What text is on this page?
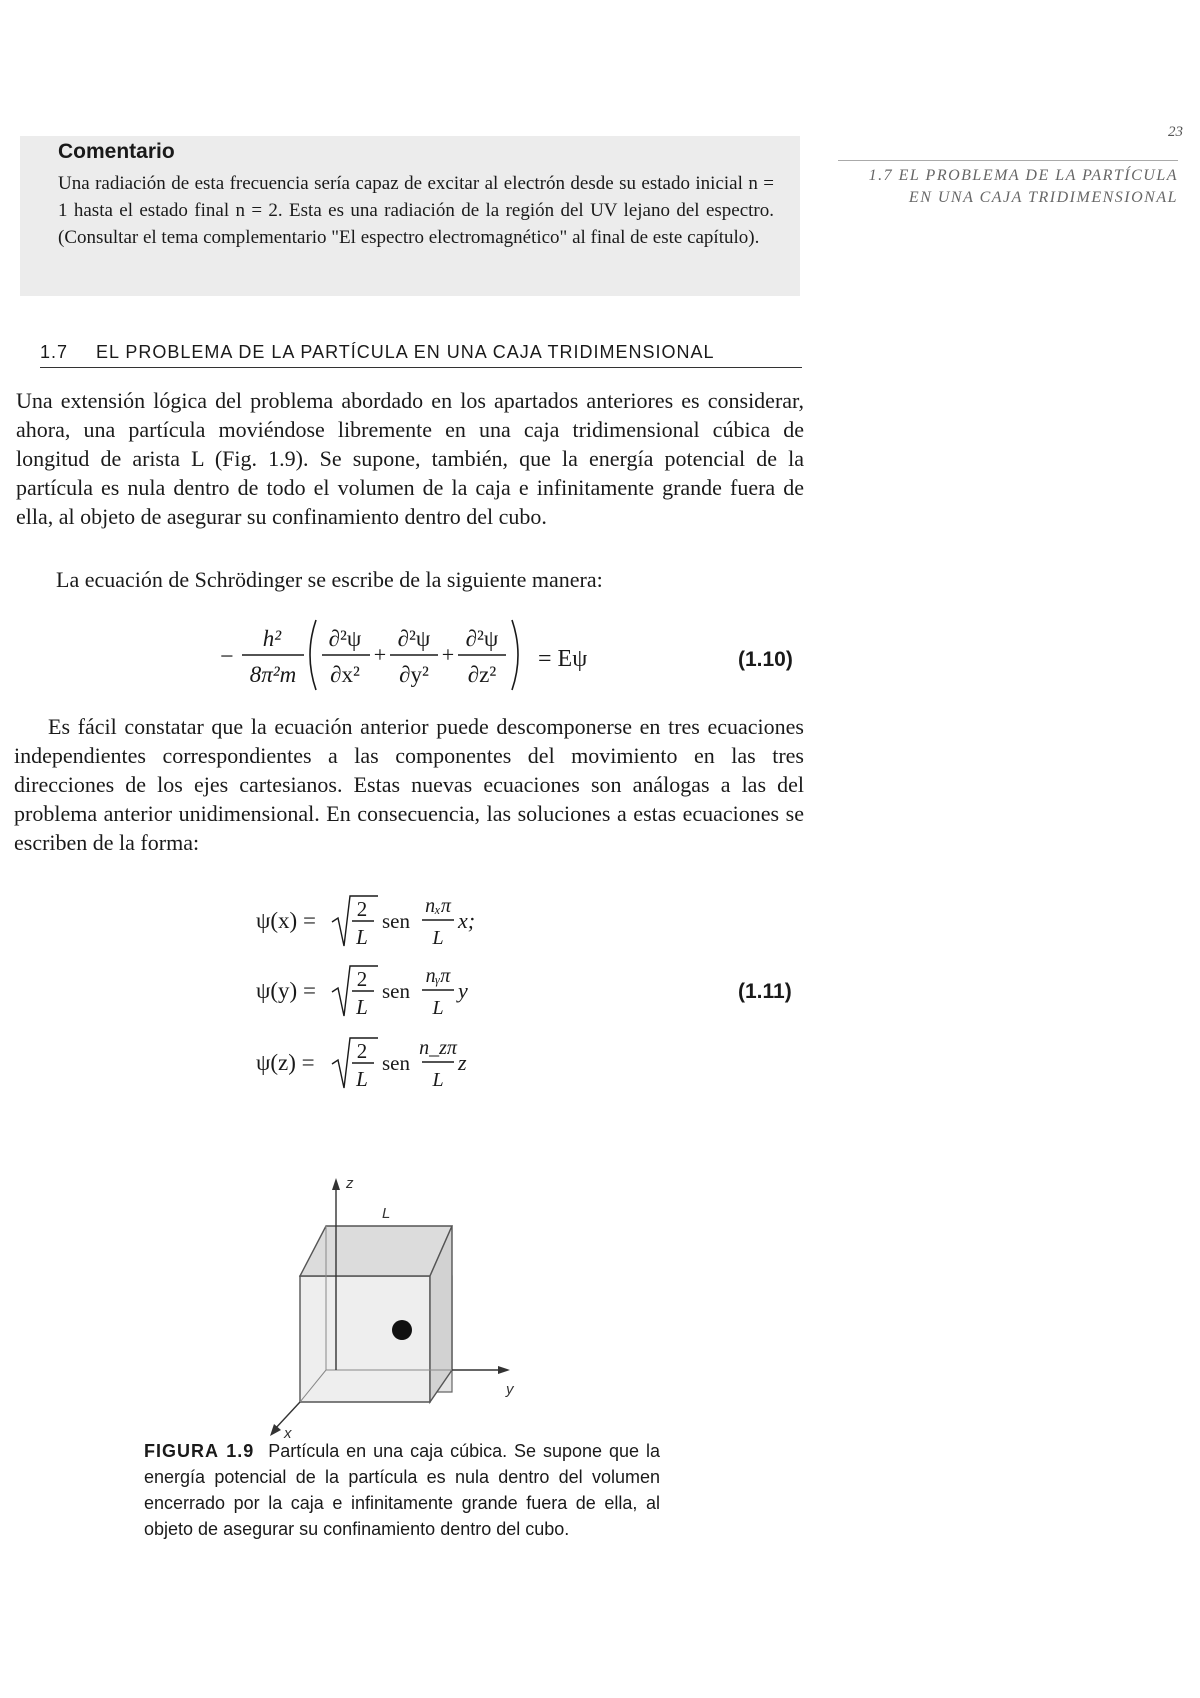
23
1.7 EL PROBLEMA DE LA PARTÍCULA
EN UNA CAJA TRIDIMENSIONAL
Comentario
Una radiación de esta frecuencia sería capaz de excitar al electrón desde su estado inicial n = 1 hasta el estado final n = 2. Esta es una radiación de la región del UV lejano del espectro. (Consultar el tema complementario "El espectro electromagnético" al final de este capítulo).
1.7 EL PROBLEMA DE LA PARTÍCULA EN UNA CAJA TRIDIMENSIONAL
Una extensión lógica del problema abordado en los apartados anteriores es considerar, ahora, una partícula moviéndose libremente en una caja tridimensional cúbica de longitud de arista L (Fig. 1.9). Se supone, también, que la energía potencial de la partícula es nula dentro de todo el volumen de la caja e infinitamente grande fuera de ella, al objeto de asegurar su confinamiento dentro del cubo.
La ecuación de Schrödinger se escribe de la siguiente manera:
Es fácil constatar que la ecuación anterior puede descomponerse en tres ecuaciones independientes correspondientes a las componentes del movimiento en las tres direcciones de los ejes cartesianos. Estas nuevas ecuaciones son análogas a las del problema anterior unidimensional. En consecuencia, las soluciones a estas ecuaciones se escriben de la forma:
−
h²
8π²m
∂²ψ
∂x²
+
∂²ψ
∂y²
+
∂²ψ
∂z²
= Eψ	(1.10)
ψ(x) = 2
L
sen
nₓπ
L
x;
ψ(y) = 2
L
sen
nᵧπ
L
y
ψ(z) = 2
L
sen
n_zπ
L
z
(1.11)
z
y
x
L
FIGURA 1.9 Partícula en una caja cúbica. Se supone que la energía potencial de la partícula es nula dentro del volumen encerrado por la caja e infinitamente grande fuera de ella, al objeto de asegurar su confinamiento dentro del cubo.
